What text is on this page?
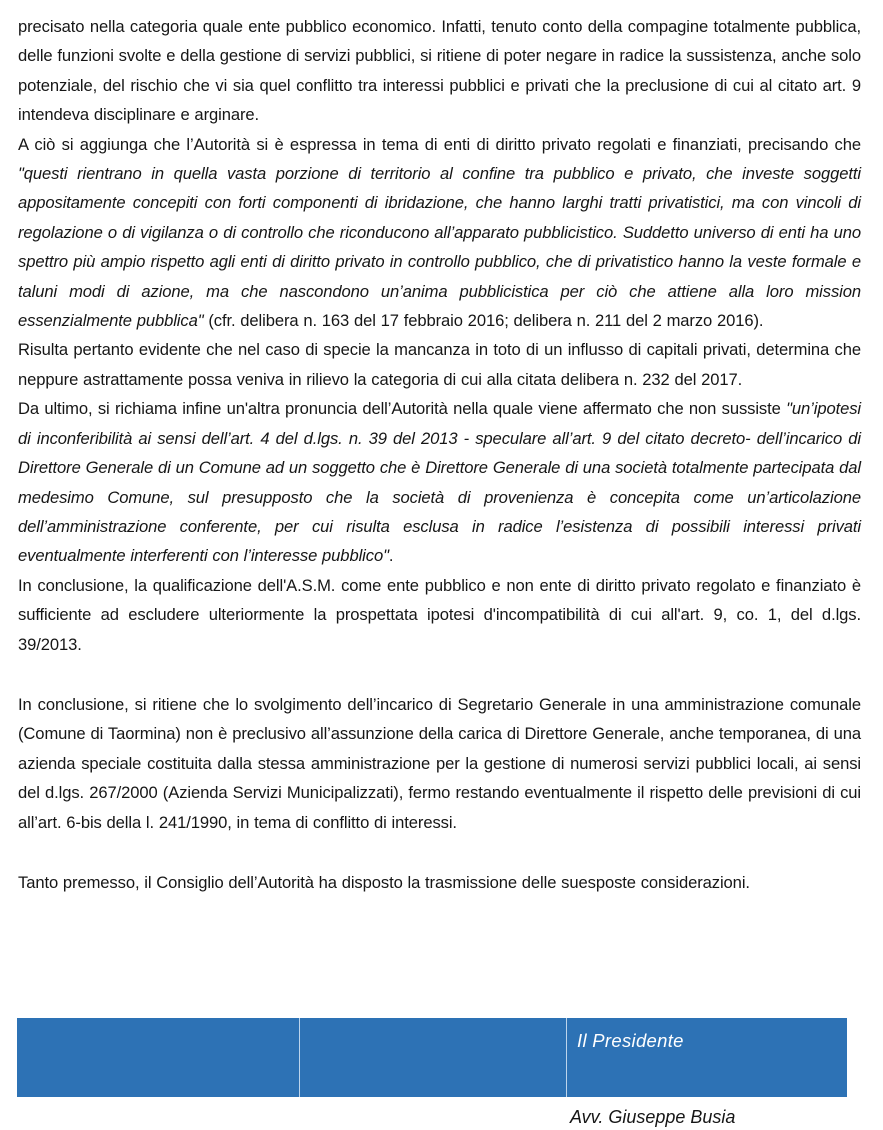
precisato nella categoria quale ente pubblico economico. Infatti, tenuto conto della compagine totalmente pubblica, delle funzioni svolte e della gestione di servizi pubblici, si ritiene di poter negare in radice la sussistenza, anche solo potenziale, del rischio che vi sia quel conflitto tra interessi pubblici e privati che la preclusione di cui al citato art. 9 intendeva disciplinare e arginare.

A ciò si aggiunga che l’Autorità si è espressa in tema di enti di diritto privato regolati e finanziati, precisando che "questi rientrano in quella vasta porzione di territorio al confine tra pubblico e privato, che investe soggetti appositamente concepiti con forti componenti di ibridazione, che hanno larghi tratti privatistici, ma con vincoli di regolazione o di vigilanza o di controllo che riconducono all’apparato pubblicistico. Suddetto universo di enti ha uno spettro più ampio rispetto agli enti di diritto privato in controllo pubblico, che di privatistico hanno la veste formale e taluni modi di azione, ma che nascondono un’anima pubblicistica per ciò che attiene alla loro mission essenzialmente pubblica" (cfr. delibera n. 163 del 17 febbraio 2016; delibera n. 211 del 2 marzo 2016).

Risulta pertanto evidente che nel caso di specie la mancanza in toto di un influsso di capitali privati, determina che neppure astrattamente possa veniva in rilievo la categoria di cui alla citata delibera n. 232 del 2017.

Da ultimo, si richiama infine un'altra pronuncia dell’Autorità nella quale viene affermato che non sussiste "un’ipotesi di inconferibilità ai sensi dell’art. 4 del d.lgs. n. 39 del 2013 - speculare all’art. 9 del citato decreto- dell’incarico di Direttore Generale di un Comune ad un soggetto che è Direttore Generale di una società totalmente partecipata dal medesimo Comune, sul presupposto che la società di provenienza è concepita come un’articolazione dell’amministrazione conferente, per cui risulta esclusa in radice l’esistenza di possibili interessi privati eventualmente interferenti con l’interesse pubblico".

In conclusione, la qualificazione dell'A.S.M. come ente pubblico e non ente di diritto privato regolato e finanziato è sufficiente ad escludere ulteriormente la prospettata ipotesi d'incompatibilità di cui all'art. 9, co. 1, del d.lgs. 39/2013.

In conclusione, si ritiene che lo svolgimento dell’incarico di Segretario Generale in una amministrazione comunale (Comune di Taormina) non è preclusivo all’assunzione della carica di Direttore Generale, anche temporanea, di una azienda speciale costituita dalla stessa amministrazione per la gestione di numerosi servizi pubblici locali, ai sensi del d.lgs. 267/2000 (Azienda Servizi Municipalizzati), fermo restando eventualmente il rispetto delle previsioni di cui all’art. 6-bis della l. 241/1990, in tema di conflitto di interessi.

Tanto premesso, il Consiglio dell’Autorità ha disposto la trasmissione delle suesposte considerazioni.

Il Presidente
Avv. Giuseppe Busia
